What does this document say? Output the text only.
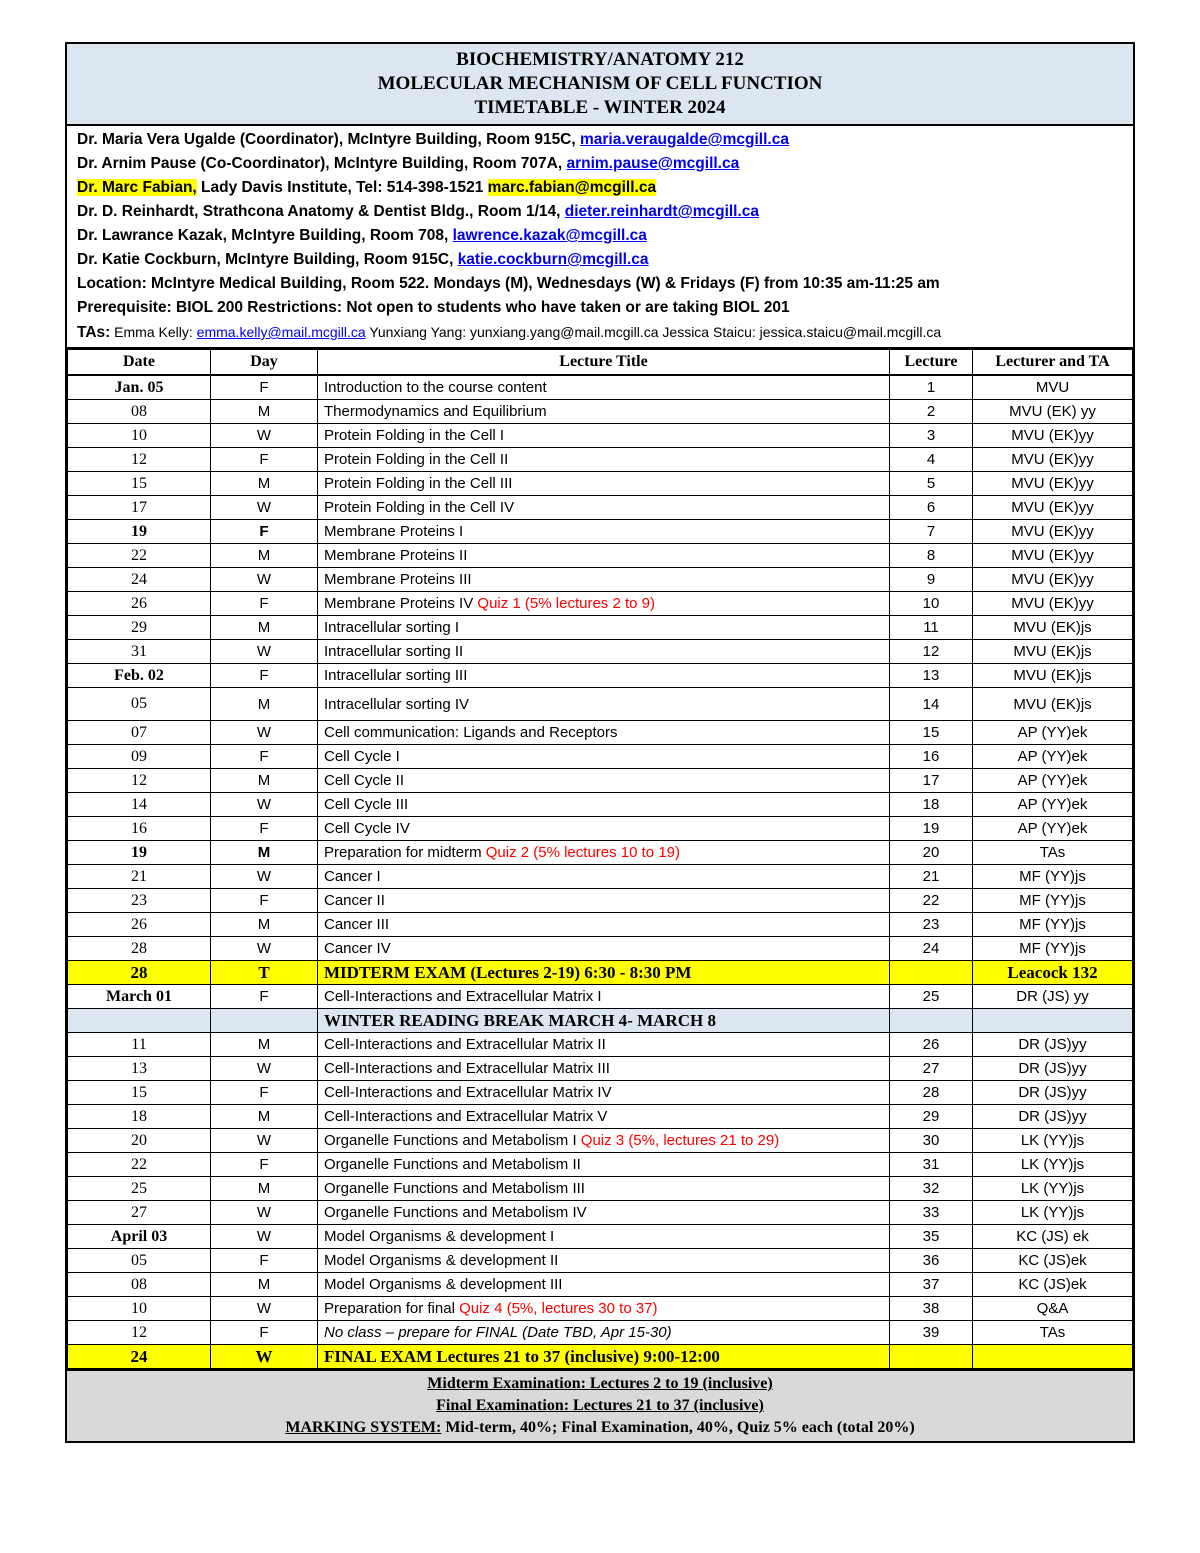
BIOCHEMISTRY/ANATOMY 212
MOLECULAR MECHANISM OF CELL FUNCTION
TIMETABLE - WINTER 2024
Dr. Maria Vera Ugalde (Coordinator), McIntyre Building, Room 915C, maria.veraugalde@mcgill.ca
Dr. Arnim Pause (Co-Coordinator), McIntyre Building, Room 707A, arnim.pause@mcgill.ca
Dr. Marc Fabian, Lady Davis Institute, Tel: 514-398-1521 marc.fabian@mcgill.ca
Dr. D. Reinhardt, Strathcona Anatomy & Dentist Bldg., Room 1/14, dieter.reinhardt@mcgill.ca
Dr. Lawrance Kazak, McIntyre Building, Room 708, lawrence.kazak@mcgill.ca
Dr. Katie Cockburn, McIntyre Building, Room 915C, katie.cockburn@mcgill.ca
Location: McIntyre Medical Building, Room 522. Mondays (M), Wednesdays (W) & Fridays (F) from 10:35 am-11:25 am
Prerequisite: BIOL 200 Restrictions: Not open to students who have taken or are taking BIOL 201
TAs: Emma Kelly: emma.kelly@mail.mcgill.ca Yunxiang Yang: yunxiang.yang@mail.mcgill.ca Jessica Staicu: jessica.staicu@mail.mcgill.ca
Date	Day	Lecture Title	Lecture	Lecturer and TA
Jan. 05	F	Introduction to the course content	1	MVU
08	M	Thermodynamics and Equilibrium	2	MVU (EK) yy
10	W	Protein Folding in the Cell I	3	MVU (EK)yy
12	F	Protein Folding in the Cell II	4	MVU (EK)yy
15	M	Protein Folding in the Cell III	5	MVU (EK)yy
17	W	Protein Folding in the Cell IV	6	MVU (EK)yy
19	F	Membrane Proteins I	7	MVU (EK)yy
22	M	Membrane Proteins II	8	MVU (EK)yy
24	W	Membrane Proteins III	9	MVU (EK)yy
26	F	Membrane Proteins IV Quiz 1 (5% lectures 2 to 9)	10	MVU (EK)yy
29	M	Intracellular sorting I	11	MVU (EK)js
31	W	Intracellular sorting II	12	MVU (EK)js
Feb. 02	F	Intracellular sorting III	13	MVU (EK)js
05	M	Intracellular sorting IV	14	MVU (EK)js
07	W	Cell communication: Ligands and Receptors	15	AP (YY)ek
09	F	Cell Cycle I	16	AP (YY)ek
12	M	Cell Cycle II	17	AP (YY)ek
14	W	Cell Cycle III	18	AP (YY)ek
16	F	Cell Cycle IV	19	AP (YY)ek
19	M	Preparation for midterm Quiz 2 (5% lectures 10 to 19)	20	TAs
21	W	Cancer I	21	MF (YY)js
23	F	Cancer II	22	MF (YY)js
26	M	Cancer III	23	MF (YY)js
28	W	Cancer IV	24	MF (YY)js
28	T	MIDTERM EXAM (Lectures 2-19) 6:30 - 8:30 PM		Leacock 132
March 01	F	Cell-Interactions and Extracellular Matrix I	25	DR (JS) yy
		WINTER READING BREAK MARCH 4- MARCH 8		
11	M	Cell-Interactions and Extracellular Matrix II	26	DR (JS)yy
13	W	Cell-Interactions and Extracellular Matrix III	27	DR (JS)yy
15	F	Cell-Interactions and Extracellular Matrix IV	28	DR (JS)yy
18	M	Cell-Interactions and Extracellular Matrix V	29	DR (JS)yy
20	W	Organelle Functions and Metabolism I Quiz 3 (5%, lectures 21 to 29)	30	LK (YY)js
22	F	Organelle Functions and Metabolism II	31	LK (YY)js
25	M	Organelle Functions and Metabolism III	32	LK (YY)js
27	W	Organelle Functions and Metabolism IV	33	LK (YY)js
April 03	W	Model Organisms & development I	35	KC (JS) ek
05	F	Model Organisms & development II	36	KC (JS)ek
08	M	Model Organisms & development III	37	KC (JS)ek
10	W	Preparation for final Quiz 4 (5%, lectures 30 to 37)	38	Q&A
12	F	No class – prepare for FINAL (Date TBD, Apr 15-30)	39	TAs
24	W	FINAL EXAM Lectures 21 to 37 (inclusive) 9:00-12:00		
Midterm Examination: Lectures 2 to 19 (inclusive)
Final Examination: Lectures 21 to 37 (inclusive)
MARKING SYSTEM: Mid-term, 40%; Final Examination, 40%, Quiz 5% each (total 20%)
